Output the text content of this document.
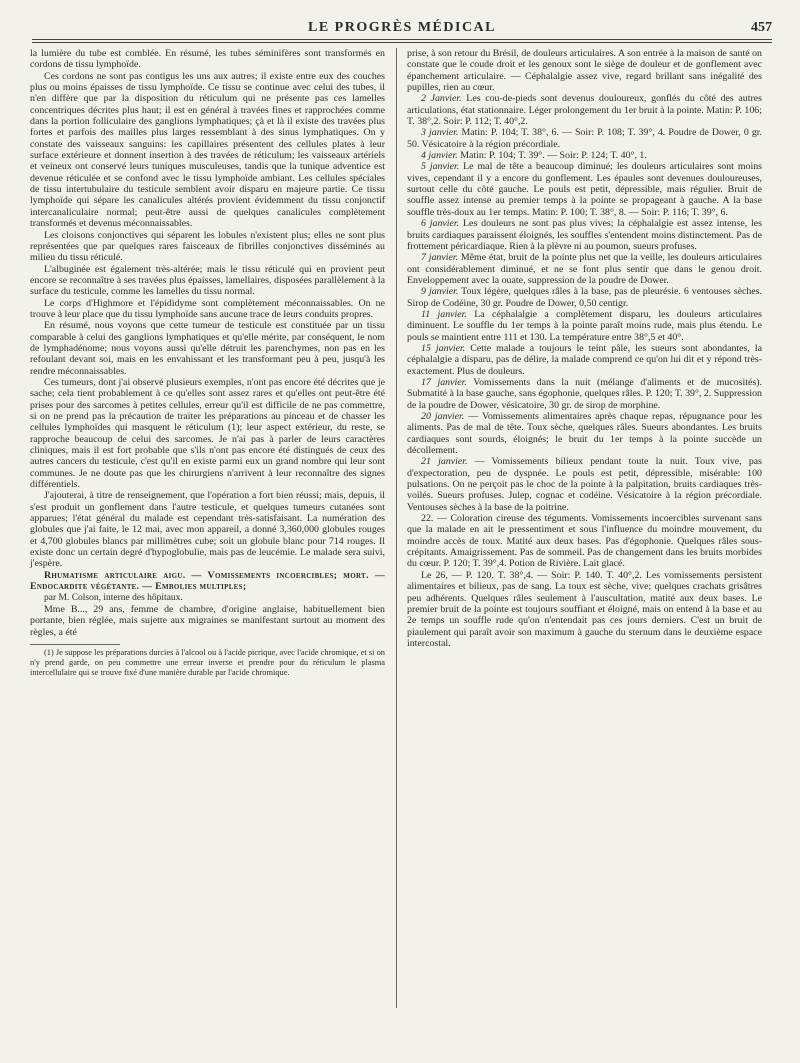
LE PROGRÈS MÉDICAL	457

la lumière du tube est comblée. En résumé, les tubes séminifères sont transformés en cordons de tissu lymphoïde.

Ces cordons ne sont pas contigus les uns aux autres; il existe entre eux des couches plus ou moins épaisses de tissu lymphoïde. Ce tissu se continue avec celui des tubes, il n'en diffère que par la disposition du réticulum qui ne présente pas ces lamelles concentriques décrites plus haut; il est en général à travées fines et rapprochées comme dans la portion folliculaire des ganglions lymphatiques; çà et là il existe des travées plus fortes et parfois des mailles plus larges ressemblant à des sinus lymphatiques. On y constate des vaisseaux sanguins: les capillaires présentent des cellules plates à leur surface extérieure et donnent insertion à des travées de réticulum; les vaisseaux artériels et veineux ont conservé leurs tuniques musculeuses, tandis que la tunique adventice est devenue réticulée et se confond avec le tissu lymphoïde ambiant. Les cellules spéciales de tissu intertubulaire du testicule semblent avoir disparu en majeure partie. Ce tissu lymphoïde qui sépare les canalicules altérés provient évidemment du tissu conjonctif intercanaliculaire normal; peut-être aussi de quelques canalicules complètement transformés et devenus méconnaissables.

Les cloisons conjonctives qui séparent les lobules n'existent plus; elles ne sont plus représentées que par quelques rares faisceaux de fibrilles conjonctives disséminés au milieu du tissu réticulé.

L'albuginée est également très-altérée; mais le tissu réticulé qui en provient peut encore se reconnaître à ses travées plus épaisses, lamellaires, disposées parallèlement à la surface du testicule, comme les lamelles du tissu normal.

Le corps d'Highmore et l'épididyme sont complètement méconnaissables. On ne trouve à leur place que du tissu lymphoïde sans aucune trace de leurs conduits propres.

En résumé, nous voyons que cette tumeur de testicule est constituée par un tissu comparable à celui des ganglions lymphatiques et qu'elle mérite, par conséquent, le nom de lymphadénome; nous voyons aussi qu'elle détruit les parenchymes, non pas en les refoulant devant soi, mais en les envahissant et les transformant peu à peu, jusqu'à les rendre méconnaissables.

Ces tumeurs, dont j'ai observé plusieurs exemples, n'ont pas encore été décrites que je sache; cela tient probablement à ce qu'elles sont assez rares et qu'elles ont peut-être été prises pour des sarcomes à petites cellules, erreur qu'il est difficile de ne pas commettre, si on ne prend pas la précaution de traiter les préparations au pinceau et de chasser les cellules lymphoïdes qui masquent le réticulum (1); leur aspect extérieur, du reste, se rapproche beaucoup de celui des sarcomes. Je n'ai pas à parler de leurs caractères cliniques, mais il est fort probable que s'ils n'ont pas encore été distingués de ceux des autres cancers du testicule, c'est qu'il en existe parmi eux un grand nombre qui leur sont communes. Je ne doute pas que les chirurgiens n'arrivent à leur reconnaître des signes différentiels.

J'ajouterai, à titre de renseignement, que l'opération a fort bien réussi; mais, depuis, il s'est produit un gonflement dans l'autre testicule, et quelques tumeurs cutanées sont apparues; l'état général du malade est cependant très-satisfaisant. La numération des globules que j'ai faite, le 12 mai, avec mon appareil, a donné 3,360,000 globules rouges et 4,700 globules blancs par millimètres cube; soit un globule blanc pour 714 rouges. Il existe donc un certain degré d'hypoglobulie, mais pas de leucémie. Le malade sera suivi, j'espère.

Rhumatisme articulaire aigu. — Vomissements incoercibles; mort. — Endocardite végétante. — Embolies multiples;

par M. Colson, interne des hôpitaux.

Mme B..., 29 ans, femme de chambre, d'origine anglaise, habituellement bien portante, bien réglée, mais sujette aux migraines se manifestant surtout au moment des règles, a été

(1) Je suppose les préparations durcies à l'alcool ou à l'acide picrique, avec l'acide chromique, et si on n'y prend garde, on peu commettre une erreur inverse et prendre pour du réticulum le plasma intercellulaire qui se trouve fixé d'une manière durable par l'acide chromique.

prise, à son retour du Brésil, de douleurs articulaires. A son entrée à la maison de santé on constate que le coude droit et les genoux sont le siège de douleur et de gonflement avec épanchement articulaire. — Céphalalgie assez vive, regard brillant sans inégalité des pupilles, rien au cœur.

2 Janvier. Les cou-de-pieds sont devenus douloureux, gonflés du côté des autres articulations, état stationnaire. Léger prolongement du 1er bruit à la pointe. Matin: P. 106; T. 38°,2. Soir: P. 112; T. 40°,2.

3 janvier. Matin: P. 104; T. 38°, 6. — Soir: P. 108; T. 39°, 4. Poudre de Dower, 0 gr. 50. Vésicatoire à la région précordiale.

4 janvier. Matin: P. 104; T. 39°. — Soir: P. 124; T. 40°, 1.

5 janvier. Le mal de tête a beaucoup diminué; les douleurs articulaires sont moins vives, cependant il y a encore du gonflement. Les épaules sont devenues douloureuses, surtout celle du côté gauche. Le pouls est petit, dépressible, mais régulier. Bruit de souffle assez intense au premier temps à la pointe se propageant à gauche. A la base souffle très-doux au 1er temps. Matin: P. 100; T. 38°, 8. — Soir: P. 116; T. 39°, 6.

6 janvier. Les douleurs ne sont pas plus vives; la céphalalgie est assez intense, les bruits cardiaques paraissent éloignés, les souffles s'entendent moins distinctement. Pas de frottement péricardiaque. Rien à la plèvre ni au poumon, sueurs profuses.

7 janvier. Même état, bruit de la pointe plus net que la veille, les douleurs articulaires ont considérablement diminué, et ne se font plus sentir que dans le genou droit. Enveloppement avec la ouate, suppression de la poudre de Dower.

9 janvier. Toux légère, quelques râles à la base, pas de pleurésie. 6 ventouses sèches. Sirop de Codéine, 30 gr. Poudre de Dower, 0,50 centigr.

11 janvier. La céphalalgie a complètement disparu, les douleurs articulaires diminuent. Le souffle du 1er temps à la pointe paraît moins rude, mais plus étendu. Le pouls se maintient entre 111 et 130. La température entre 38°,5 et 40°.

15 janvier. Cette malade a toujours le teint pâle, les sueurs sont abondantes, la céphalalgie a disparu, pas de délire, la malade comprend ce qu'on lui dit et y répond très-exactement. Plus de douleurs.

17 janvier. Vomissements dans la nuit (mélange d'aliments et de mucosités). Submatité à la base gauche, sans égophonie, quelques râles. P. 120; T. 39°, 2. Suppression de la poudre de Dower, vésicatoire, 30 gr. de sirop de morphine.

20 janvier. — Vomissements alimentaires après chaque repas, répugnance pour les aliments. Pas de mal de tête. Toux sèche, quelques râles. Sueurs abondantes. Les bruits cardiaques sont sourds, éloignés; le bruit du 1er temps à la pointe succède un décollement.

21 janvier. — Vomissements bilieux pendant toute la nuit. Toux vive, pas d'expectoration, peu de dyspnée. Le pouls est petit, dépressible, misérable: 100 pulsations. On ne perçoit pas le choc de la pointe à la palpitation, bruits cardiaques très-voilés. Sueurs profuses. Julep, cognac et codéine. Vésicatoire à la région précordiale. Ventouses sèches à la base de la poitrine.

22. — Coloration cireuse des téguments. Vomissements incoercibles survenant sans que la malade en ait le pressentiment et sous l'influence du moindre mouvement, du moindre accès de toux. Matité aux deux bases. Pas d'égophonie. Quelques râles sous-crépitants. Amaigrissement. Pas de sommeil. Pas de changement dans les bruits morbides du cœur. P. 120; T. 39°,4. Potion de Rivière. Lait glacé.

Le 26, — P. 120. T. 38°,4. — Soir: P. 140. T. 40°,2. Les vomissements persistent alimentaires et bilieux, pas de sang. La toux est sèche, vive; quelques crachats grisâtres peu adhérents. Quelques râles seulement à l'auscultation, matité aux deux bases. Le premier bruit de la pointe est toujours souffiant et éloigné, mais on entend à la base et au 2e temps un souffle rude qu'on n'entendait pas ces jours derniers. C'est un bruit de piaulement qui paraît avoir son maximum à gauche du sternum dans le deuxième espace intercostal.
